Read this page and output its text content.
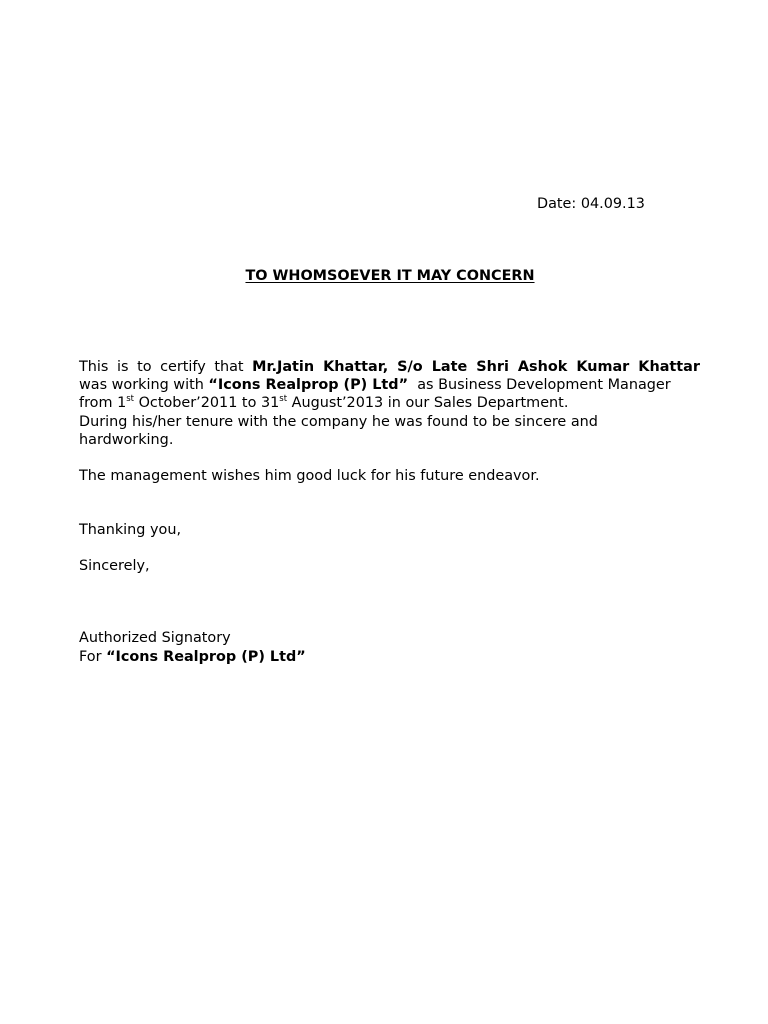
Date: 04.09.13
TO WHOMSOEVER IT MAY CONCERN
This is to certify that Mr.Jatin Khattar, S/o Late Shri Ashok Kumar Khattar
was working with “Icons Realprop (P) Ltd”  as Business Development Manager
from 1st October’2011 to 31st August’2013 in our Sales Department.
During his/her tenure with the company he was found to be sincere and
hardworking.
The management wishes him good luck for his future endeavor.
Thanking you,
Sincerely,
Authorized Signatory
For “Icons Realprop (P) Ltd”
